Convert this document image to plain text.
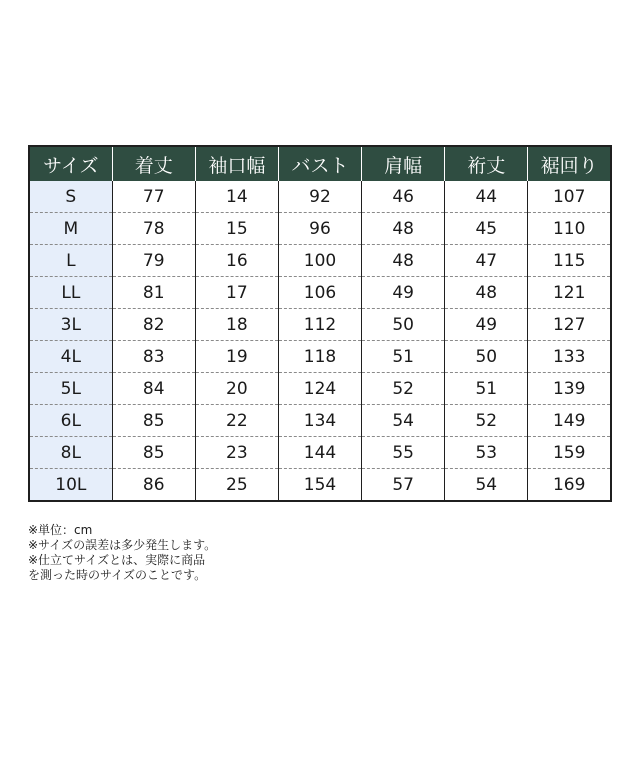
サイズ	着丈	袖口幅	バスト	肩幅	裄丈	裾回り
S	77	14	92	46	44	107
M	78	15	96	48	45	110
L	79	16	100	48	47	115
LL	81	17	106	49	48	121
3L	82	18	112	50	49	127
4L	83	19	118	51	50	133
5L	84	20	124	52	51	139
6L	85	22	134	54	52	149
8L	85	23	144	55	53	159
10L	86	25	154	57	54	169
※単位：cm
※サイズの誤差は多少発生します。
※仕立てサイズとは、実際に商品
を測った時のサイズのことです。
